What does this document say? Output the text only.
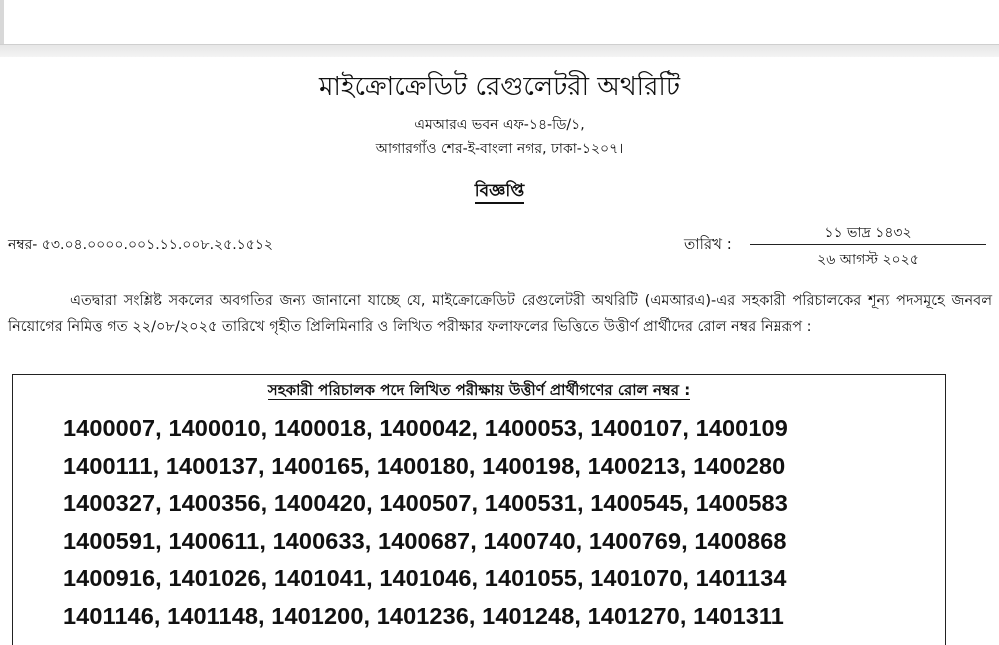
মাইক্রোক্রেডিট রেগুলেটরী অথরিটি
এমআরএ ভবন এফ-১৪-ডি/১,
আগারগাঁও শের-ই-বাংলা নগর, ঢাকা-১২০৭।
বিজ্ঞপ্তি
নম্বর- ৫৩.০৪.০০০০.০০১.১১.০০৮.২৫.১৫১২	তারিখ :
১১ ভাদ্র ১৪৩২
২৬ আগস্ট ২০২৫

এতদ্বারা সংশ্লিষ্ট সকলের অবগতির জন্য জানানো যাচ্ছে যে, মাইক্রোক্রেডিট রেগুলেটরী অথরিটি (এমআরএ)-এর সহকারী পরিচালকের শূন্য পদসমূহে জনবল নিয়োগের নিমিত্ত গত ২২/০৮/২০২৫ তারিখে গৃহীত প্রিলিমিনারি ও লিখিত পরীক্ষার ফলাফলের ভিত্তিতে উত্তীর্ণ প্রার্থীদের রোল নম্বর নিম্নরূপ :

সহকারী পরিচালক পদে লিখিত পরীক্ষায় উত্তীর্ণ প্রার্থীগণের রোল নম্বর :
1400007, 1400010, 1400018, 1400042, 1400053, 1400107, 1400109
1400111, 1400137, 1400165, 1400180, 1400198, 1400213, 1400280
1400327, 1400356, 1400420, 1400507, 1400531, 1400545, 1400583
1400591, 1400611, 1400633, 1400687, 1400740, 1400769, 1400868
1400916, 1401026, 1401041, 1401046, 1401055, 1401070, 1401134
1401146, 1401148, 1401200, 1401236, 1401248, 1401270, 1401311
